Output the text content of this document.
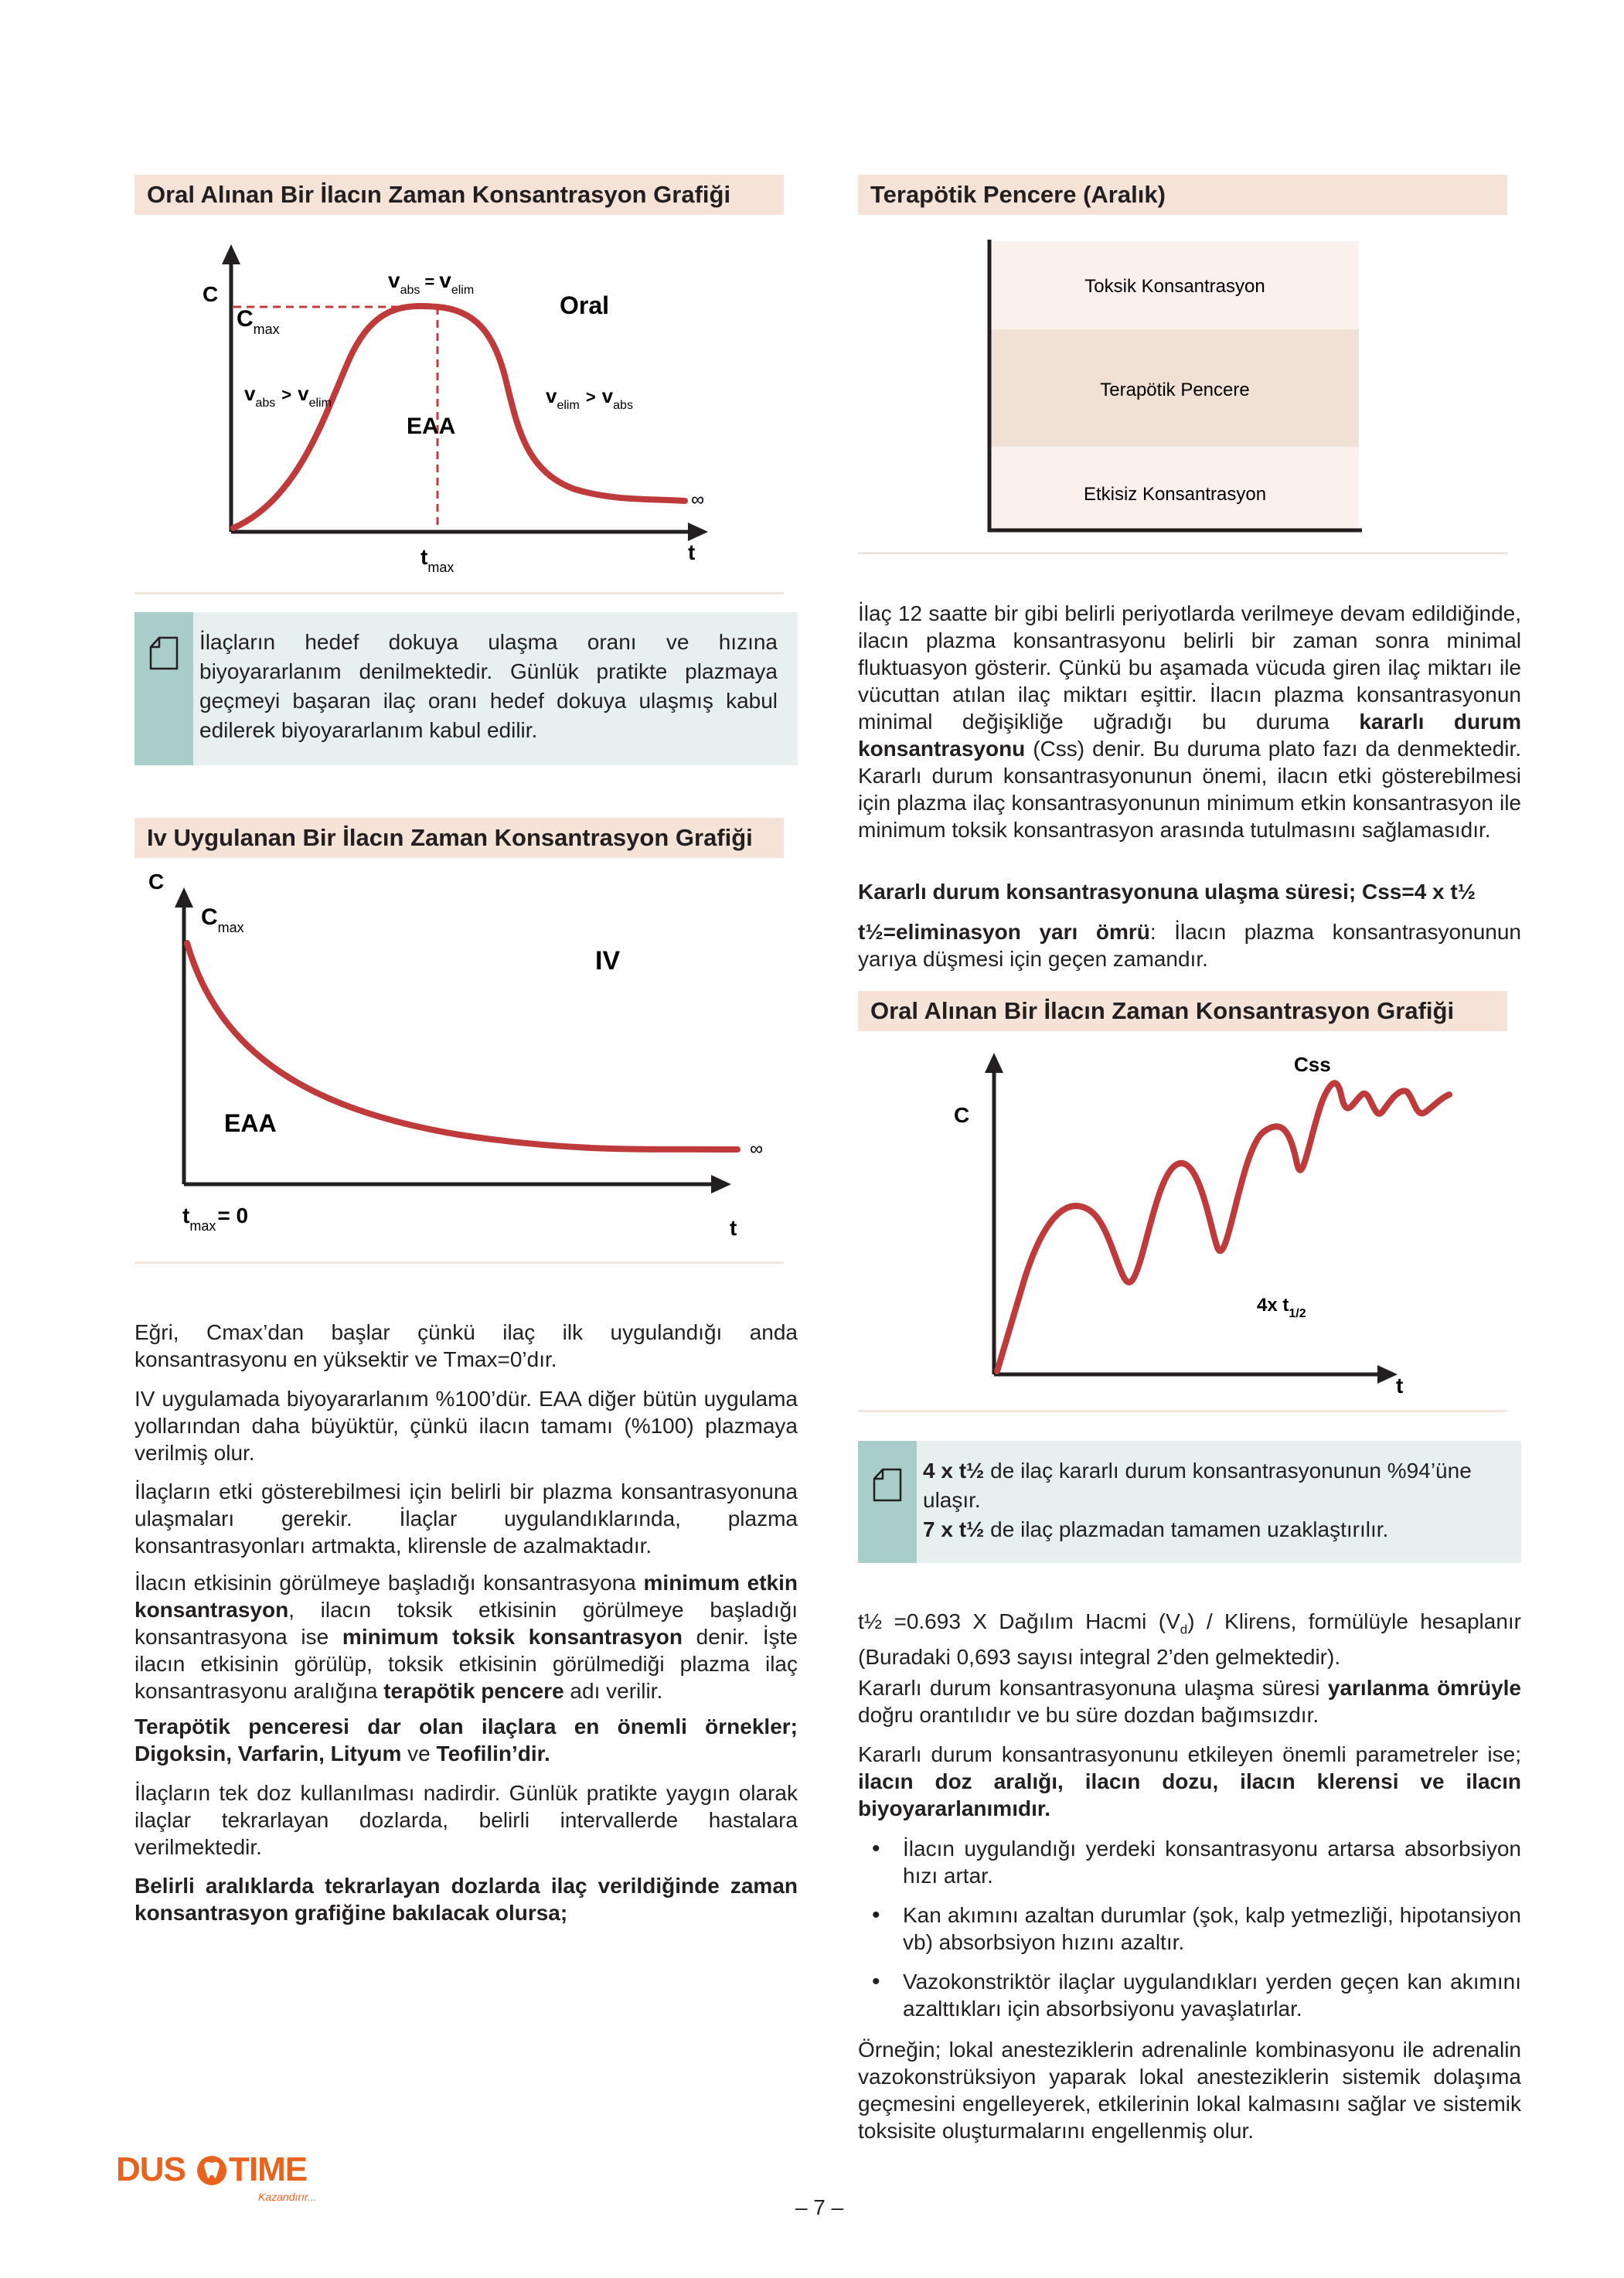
Oral Alınan Bir İlacın Zaman Konsantrasyon Grafiği
C
$C_{max}$
$v_{abs}$ = $v_{elim}$
Oral
$v_{abs}$ > $v_{elim}$	$v_{elim}$ > $v_{abs}$
EAA
∞
$t_{max}$
t
İlaçların hedef dokuya ulaşma oranı ve hızına biyoyararlanım denilmektedir. Günlük pratikte plazmaya geçmeyi başaran ilaç oranı hedef dokuya ulaşmış kabul edilerek biyoyararlanım kabul edilir.
Iv Uygulanan Bir İlacın Zaman Konsantrasyon Grafiği
C
$C_{max}$
IV
EAA
∞
$t_{max}= 0$
t

Eğri, Cmax’dan başlar çünkü ilaç ilk uygulandığı anda konsantrasyonu en yüksektir ve Tmax=0’dır.

IV uygulamada biyoyararlanım %100’dür. EAA diğer bütün uygulama yollarından daha büyüktür, çünkü ilacın tamamı (%100) plazmaya verilmiş olur.

İlaçların etki gösterebilmesi için belirli bir plazma konsantrasyonuna ulaşmaları gerekir. İlaçlar uygulandıklarında, plazma konsantrasyonları artmakta, klirensle de azalmaktadır.

İlacın etkisinin görülmeye başladığı konsantrasyona minimum etkin konsantrasyon, ilacın toksik etkisinin görülmeye başladığı konsantrasyona ise minimum toksik konsantrasyon denir. İşte ilacın etkisinin görülüp, toksik etkisinin görülmediği plazma ilaç konsantrasyonu aralığına terapötik pencere adı verilir.

Terapötik penceresi dar olan ilaçlara en önemli örnekler; Digoksin, Varfarin, Lityum ve Teofilin’dir.

İlaçların tek doz kullanılması nadirdir. Günlük pratikte yaygın olarak ilaçlar tekrarlayan dozlarda, belirli intervallerde hastalara verilmektedir.

Belirli aralıklarda tekrarlayan dozlarda ilaç verildiğinde zaman konsantrasyon grafiğine bakılacak olursa;

Terapötik Pencere (Aralık)
Toksik Konsantrasyon
Terapötik Pencere
Etkisiz Konsantrasyon

İlaç 12 saatte bir gibi belirli periyotlarda verilmeye devam edildiğinde, ilacın plazma konsantrasyonu belirli bir zaman sonra minimal fluktuasyon gösterir. Çünkü bu aşamada vücuda giren ilaç miktarı ile vücuttan atılan ilaç miktarı eşittir. İlacın plazma konsantrasyonun minimal değişikliğe uğradığı bu duruma kararlı durum konsantrasyonu (Css) denir. Bu duruma plato fazı da denmektedir. Kararlı durum konsantrasyonunun önemi, ilacın etki gösterebilmesi için plazma ilaç konsantrasyonunun minimum etkin konsantrasyon ile minimum toksik konsantrasyon arasında tutulmasını sağlamasıdır.

Kararlı durum konsantrasyonuna ulaşma süresi; Css=4 x t½

t½=eliminasyon yarı ömrü: İlacın plazma konsantrasyonunun yarıya düşmesi için geçen zamandır.

Oral Alınan Bir İlacın Zaman Konsantrasyon Grafiği
C
Css
4x $t_{1/2}$
t
4 x t½ de ilaç kararlı durum konsantrasyonunun %94’üne ulaşır.
7 x t½ de ilaç plazmadan tamamen uzaklaştırılır.

t½ =0.693 X Dağılım Hacmi $(V_d)$ / Klirens, formülüyle hesaplanır (Buradaki 0,693 sayısı integral 2’den gelmektedir).

Kararlı durum konsantrasyonuna ulaşma süresi yarılanma ömrüyle doğru orantılıdır ve bu süre dozdan bağımsızdır.

Kararlı durum konsantrasyonunu etkileyen önemli parametreler ise; ilacın doz aralığı, ilacın dozu, ilacın klerensi ve ilacın biyoyararlanımıdır.

• İlacın uygulandığı yerdeki konsantrasyonu artarsa absorbsiyon hızı artar.
• Kan akımını azaltan durumlar (şok, kalp yetmezliği, hipotansiyon vb) absorbsiyon hızını azaltır.
• Vazokonstriktör ilaçlar uygulandıkları yerden geçen kan akımını azalttıkları için absorbsiyonu yavaşlatırlar.

Örneğin; lokal anesteziklerin adrenalinle kombinasyonu ile adrenalin vazokonstrüksiyon yaparak lokal anesteziklerin sistemik dolaşıma geçmesini engelleyerek, etkilerinin lokal kalmasını sağlar ve sistemik toksisite oluşturmalarını engellenmiş olur.

DUS TIME
Kazandırır...	– 7 –
